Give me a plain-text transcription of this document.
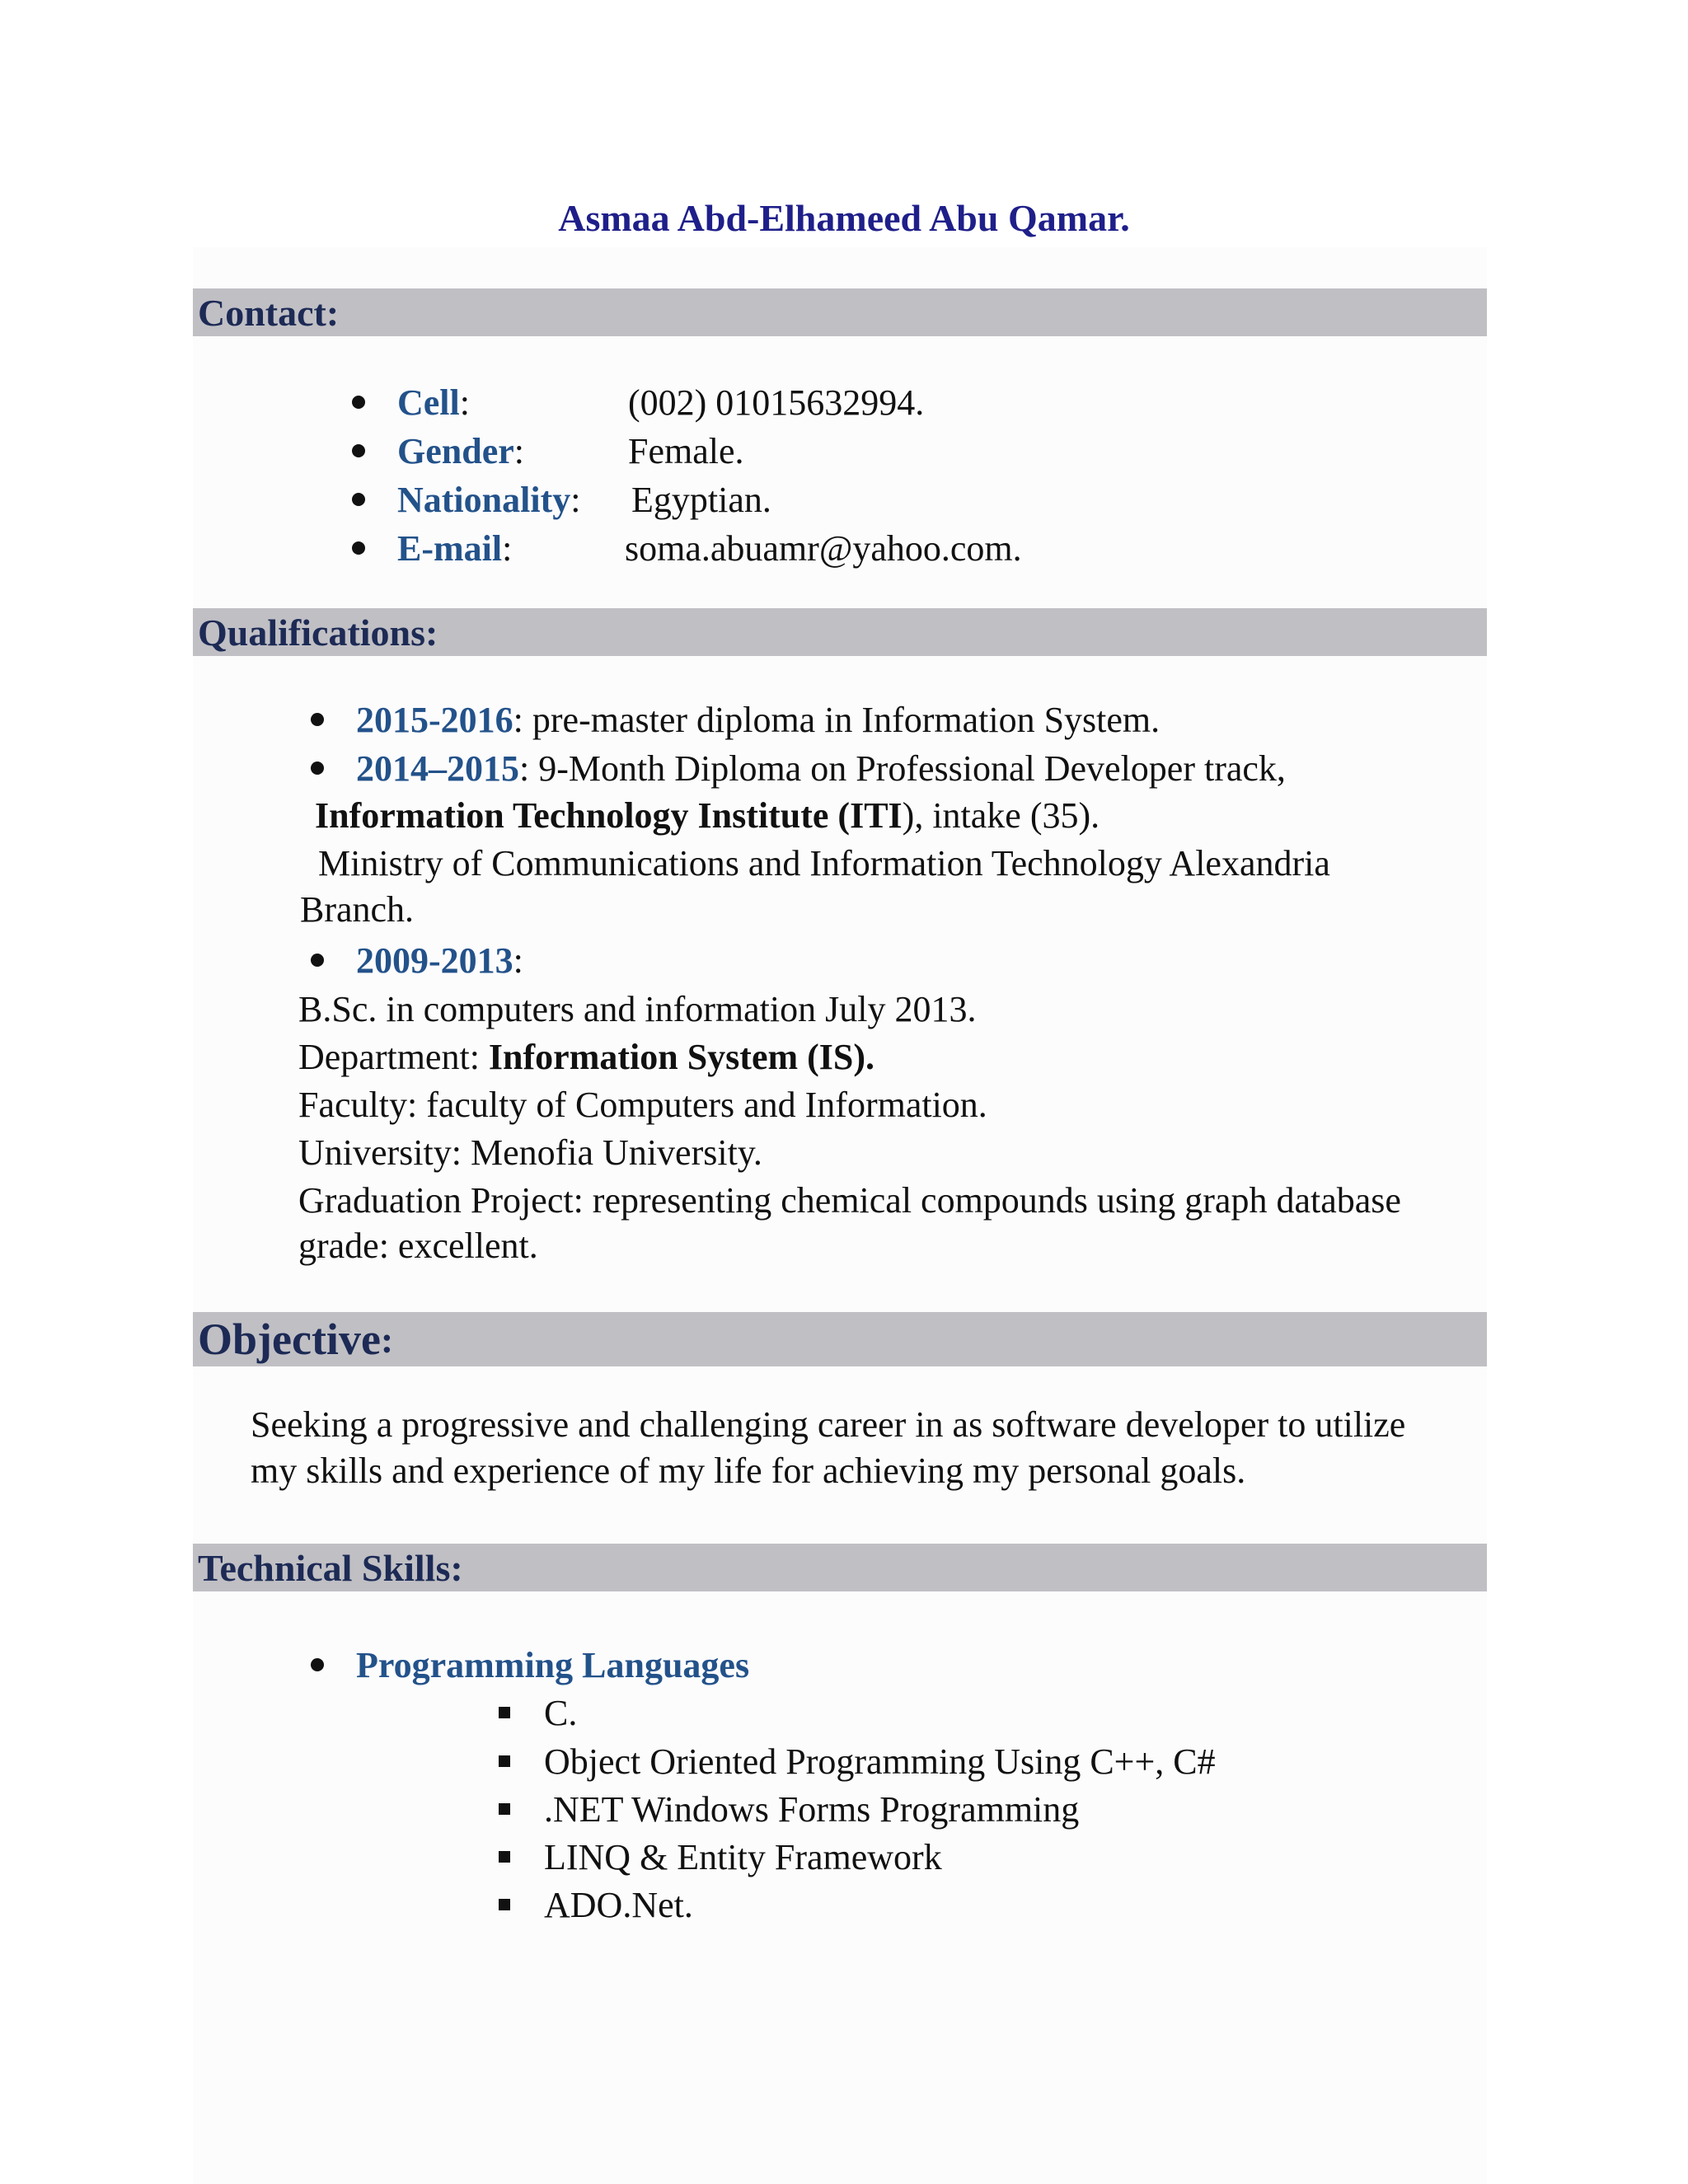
Asmaa Abd-Elhameed Abu Qamar.
Contact:
Cell:	(002) 01015632994.
Gender:	Female.
Nationality: Egyptian.
E-mail:	soma.abuamr@yahoo.com.
Qualifications:
2015-2016: pre-master diploma in Information System.
2014–2015: 9-Month Diploma on Professional Developer track,
Information Technology Institute (ITI), intake (35).
Ministry of Communications and Information Technology Alexandria
Branch.
2009-2013:
B.Sc. in computers and information July 2013.
Department: Information System (IS).
Faculty: faculty of Computers and Information.
University: Menofia University.
Graduation Project: representing chemical compounds using graph database
grade: excellent.
Objective :
Seeking a progressive and challenging career in as software developer to utilize
my skills and experience of my life for achieving my personal goals.
Technical Skills:
Programming Languages
C.
Object Oriented Programming Using C++, C#
.NET Windows Forms Programming
LINQ & Entity Framework
ADO.Net.
